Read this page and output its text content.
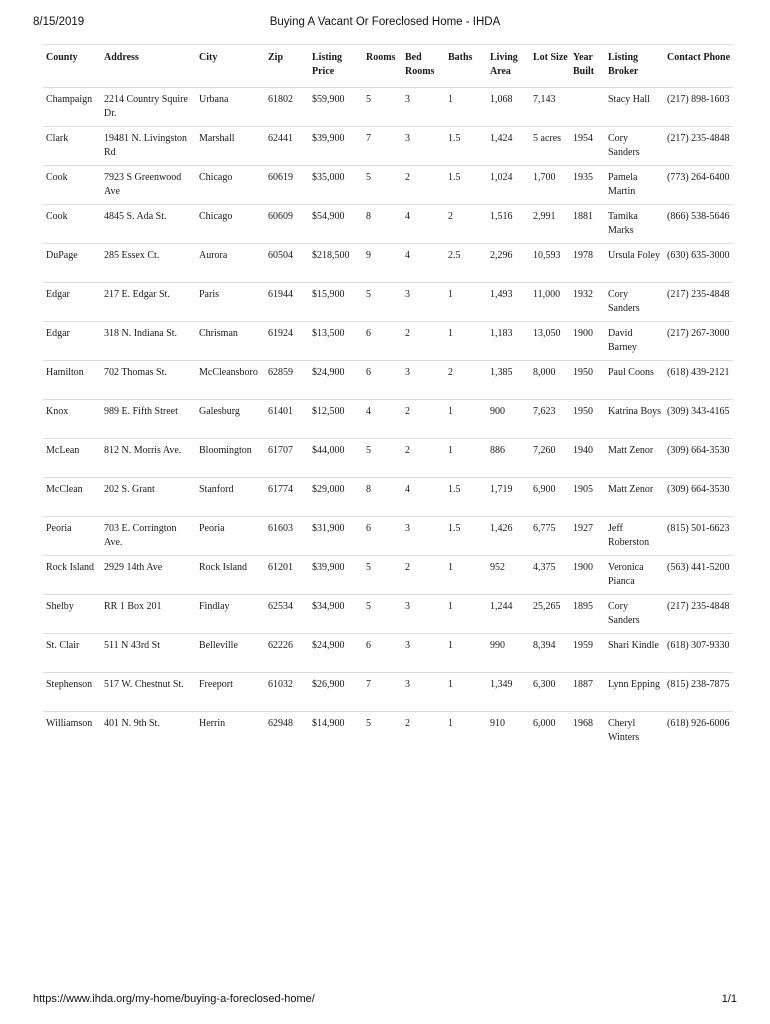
8/15/2019	Buying A Vacant Or Foreclosed Home - IHDA
County	Address	City	Zip	Listing Price	Rooms	Bed Rooms	Baths	Living Area	Lot Size	Year Built	Listing Broker	Contact Phone
Champaign	2214 Country Squire Dr.	Urbana	61802	$59,900	5	3	1	1,068	7,143		Stacy Hall	(217) 898-1603
Clark	19481 N. Livingston Rd	Marshall	62441	$39,900	7	3	1.5	1,424	5 acres	1954	Cory Sanders	(217) 235-4848
Cook	7923 S Greenwood Ave	Chicago	60619	$35,000	5	2	1.5	1,024	1,700	1935	Pamela Martin	(773) 264-6400
Cook	4845 S. Ada St.	Chicago	60609	$54,900	8	4	2	1,516	2,991	1881	Tamika Marks	(866) 538-5646
DuPage	285 Essex Ct.	Aurora	60504	$218,500	9	4	2.5	2,296	10,593	1978	Ursula Foley	(630) 635-3000
Edgar	217 E. Edgar St.	Paris	61944	$15,900	5	3	1	1,493	11,000	1932	Cory Sanders	(217) 235-4848
Edgar	318 N. Indiana St.	Chrisman	61924	$13,500	6	2	1	1,183	13,050	1900	David Barney	(217) 267-3000
Hamilton	702 Thomas St.	McCleansboro	62859	$24,900	6	3	2	1,385	8,000	1950	Paul Coons	(618) 439-2121
Knox	989 E. Fifth Street	Galesburg	61401	$12,500	4	2	1	900	7,623	1950	Katrina Boys	(309) 343-4165
McLean	812 N. Morris Ave.	Bloomington	61707	$44,000	5	2	1	886	7,260	1940	Matt Zenor	(309) 664-3530
McClean	202 S. Grant	Stanford	61774	$29,000	8	4	1.5	1,719	6,900	1905	Matt Zenor	(309) 664-3530
Peoria	703 E. Corrington Ave.	Peoria	61603	$31,900	6	3	1.5	1,426	6,775	1927	Jeff Roberston	(815) 501-6623
Rock Island	2929 14th Ave	Rock Island	61201	$39,900	5	2	1	952	4,375	1900	Veronica Pianca	(563) 441-5200
Shelby	RR 1 Box 201	Findlay	62534	$34,900	5	3	1	1,244	25,265	1895	Cory Sanders	(217) 235-4848
St. Clair	511 N 43rd St	Belleville	62226	$24,900	6	3	1	990	8,394	1959	Shari Kindle	(618) 307-9330
Stephenson	517 W. Chestnut St.	Freeport	61032	$26,900	7	3	1	1,349	6,300	1887	Lynn Epping	(815) 238-7875
Williamson	401 N. 9th St.	Herrin	62948	$14,900	5	2	1	910	6,000	1968	Cheryl Winters	(618) 926-6006
https://www.ihda.org/my-home/buying-a-foreclosed-home/	1/1
